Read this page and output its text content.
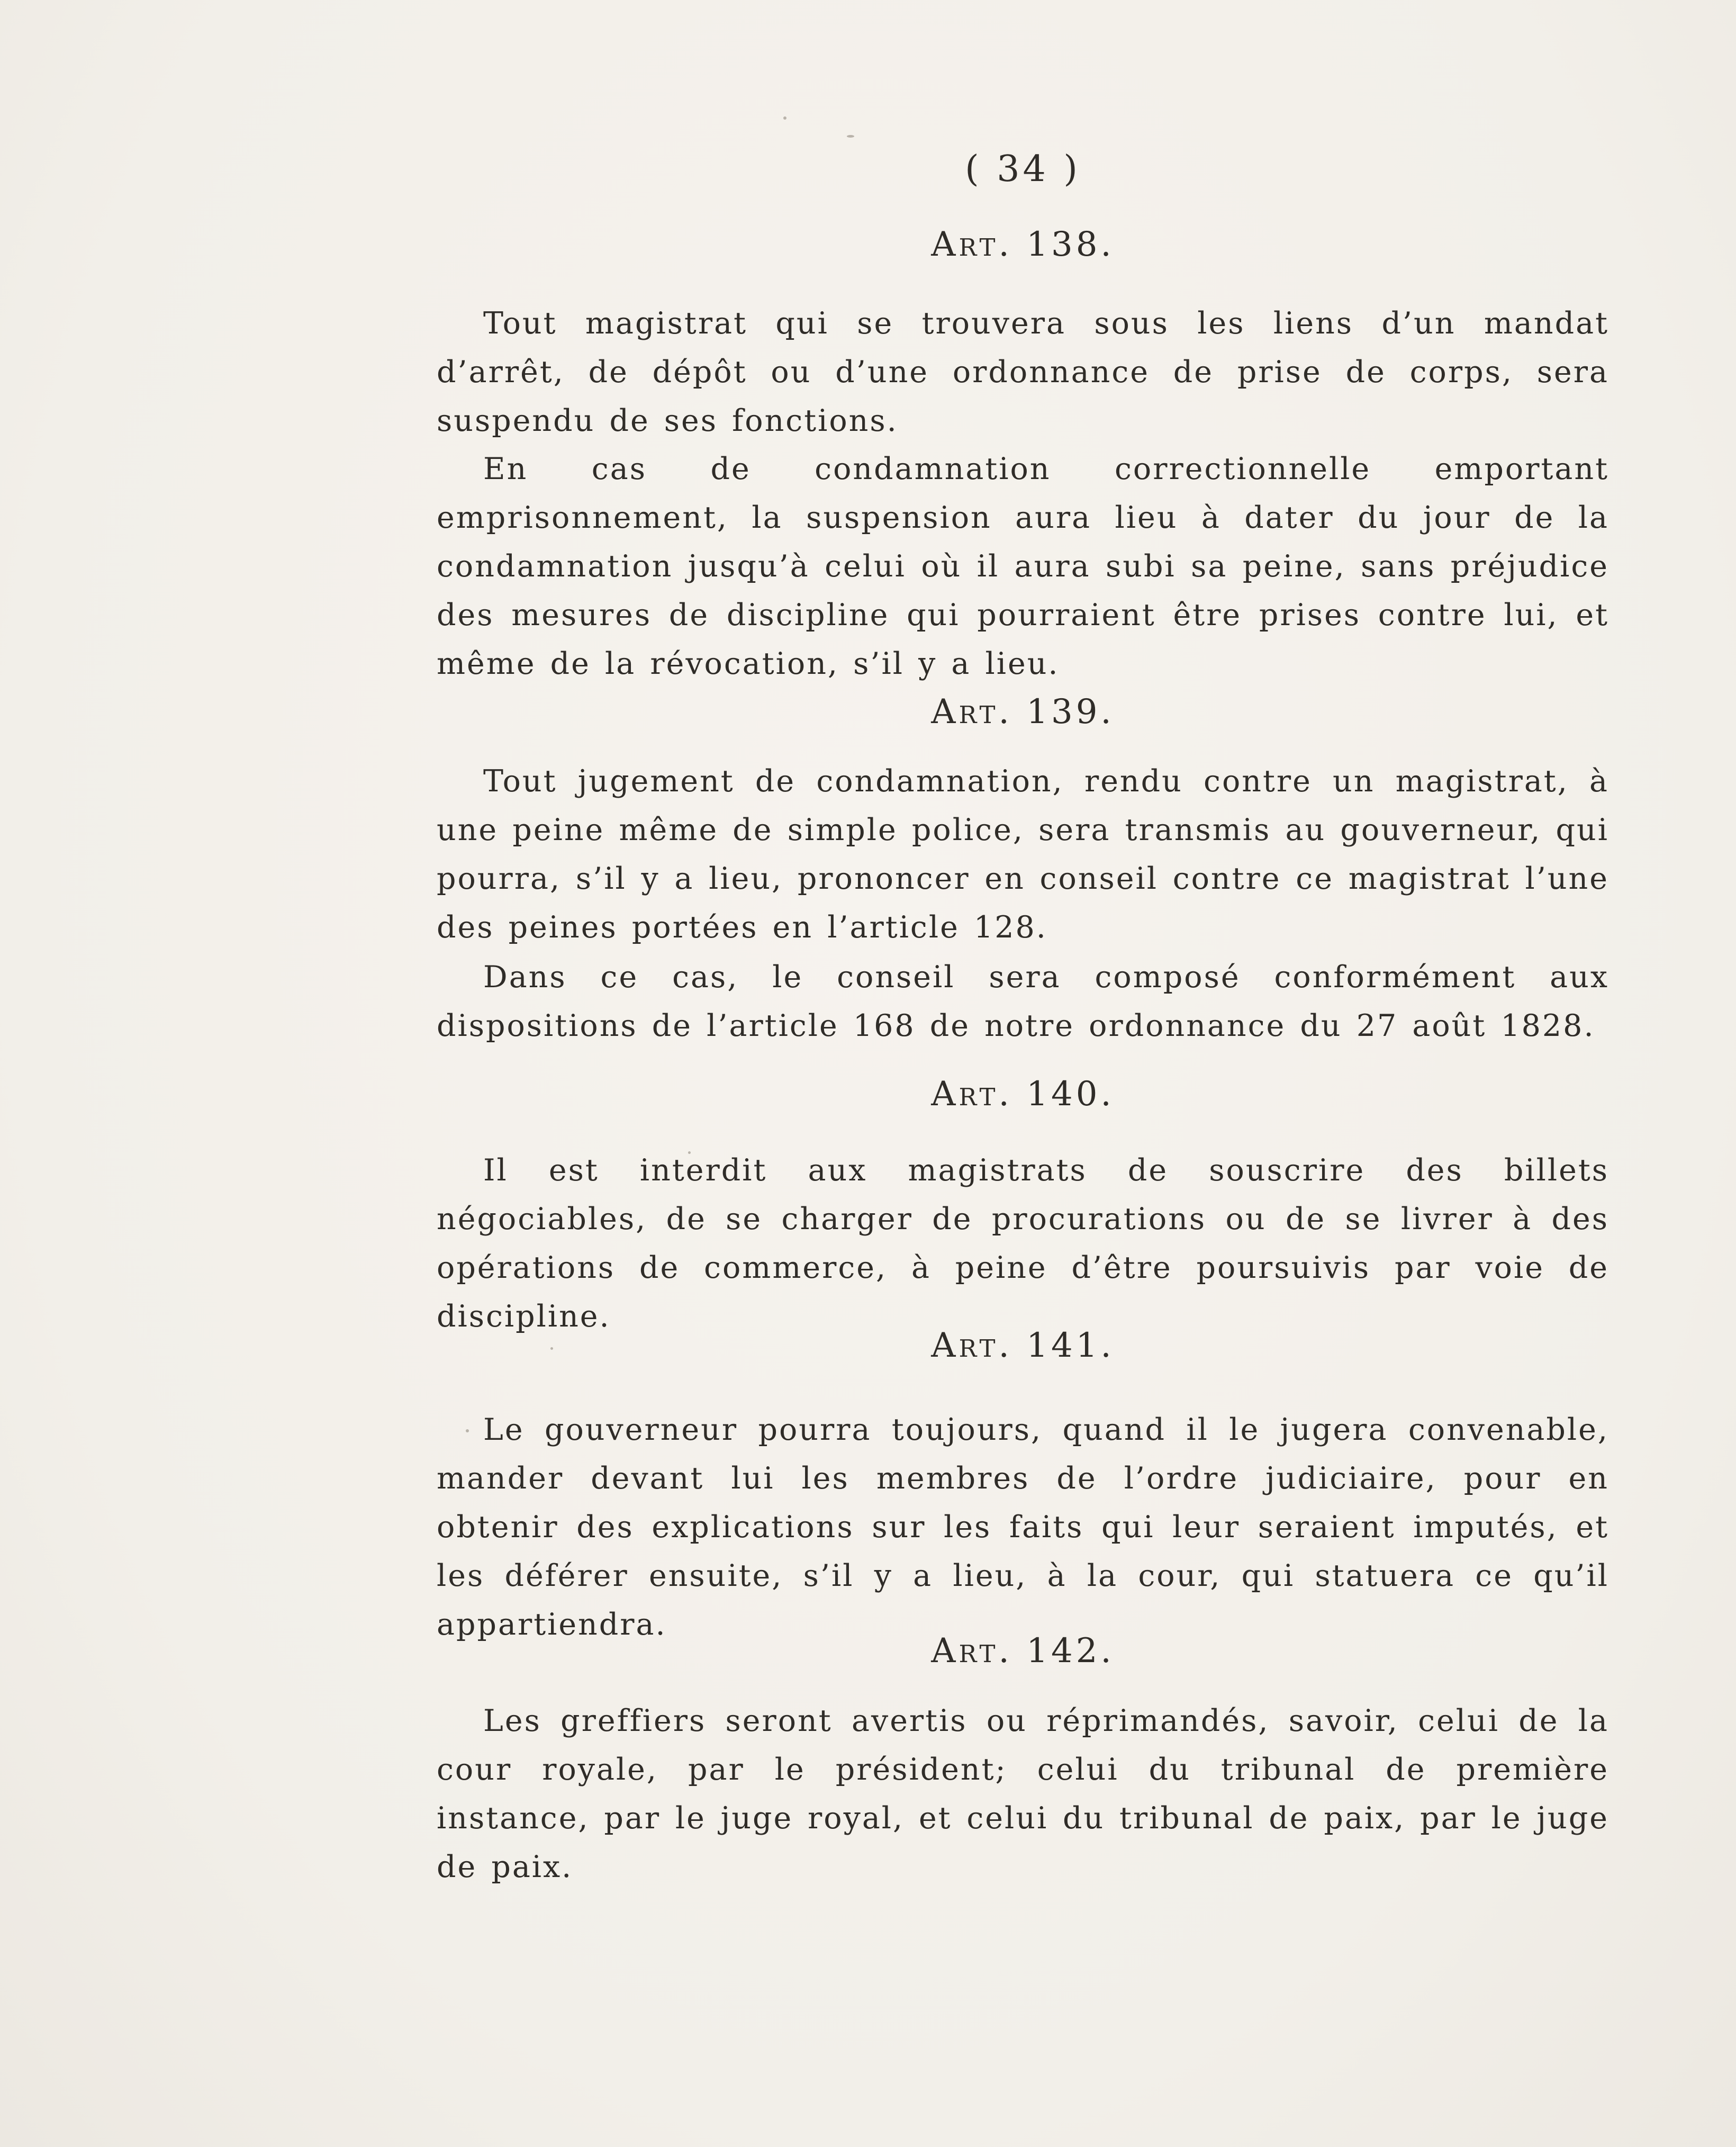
( 34 )
Art. 138.

Tout magistrat qui se trouvera sous les liens d’un mandat d’arrêt, de dépôt ou d’une ordonnance de prise de corps, sera suspendu de ses fonctions.

En cas de condamnation correctionnelle emportant emprisonnement, la suspension aura lieu à dater du jour de la condamnation jusqu’à celui où il aura subi sa peine, sans préjudice des mesures de discipline qui pourraient être prises contre lui, et même de la révocation, s’il y a lieu.

Art. 139.

Tout jugement de condamnation, rendu contre un magistrat, à une peine même de simple police, sera transmis au gouverneur, qui pourra, s’il y a lieu, prononcer en conseil contre ce magistrat l’une des peines portées en l’article 128.

Dans ce cas, le conseil sera composé conformément aux dispositions de l’article 168 de notre ordonnance du 27 août 1828.

Art. 140.

Il est interdit aux magistrats de souscrire des billets négociables, de se charger de procurations ou de se livrer à des opérations de commerce, à peine d’être poursuivis par voie de discipline.

Art. 141.

Le gouverneur pourra toujours, quand il le jugera convenable, mander devant lui les membres de l’ordre judiciaire, pour en obtenir des explications sur les faits qui leur seraient imputés, et les déférer ensuite, s’il y a lieu, à la cour, qui statuera ce qu’il appartiendra.

Art. 142.

Les greffiers seront avertis ou réprimandés, savoir, celui de la cour royale, par le président; celui du tribunal de première instance, par le juge royal, et celui du tribunal de paix, par le juge de paix.
